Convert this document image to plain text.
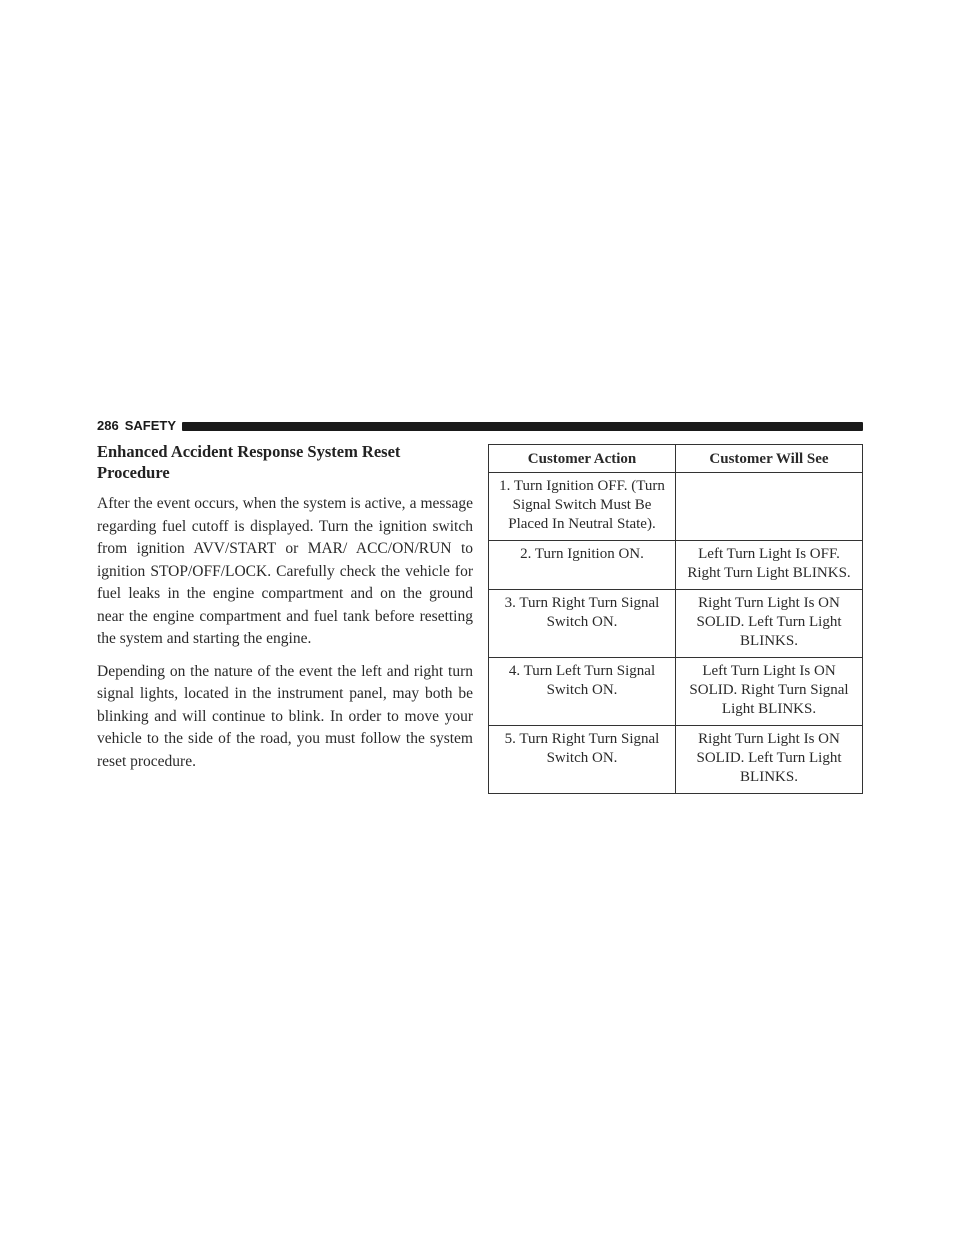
286 SAFETY
Enhanced Accident Response System Reset Procedure

After the event occurs, when the system is active, a message regarding fuel cutoff is displayed. Turn the ignition switch from ignition AVV/START or MAR/ ACC/ON/RUN to ignition STOP/OFF/LOCK. Carefully check the vehicle for fuel leaks in the engine compartment and on the ground near the engine compartment and fuel tank before resetting the system and starting the engine.

Depending on the nature of the event the left and right turn signal lights, located in the instrument panel, may both be blinking and will continue to blink. In order to move your vehicle to the side of the road, you must follow the system reset procedure.

Customer Action	Customer Will See
1. Turn Ignition OFF. (Turn Signal Switch Must Be Placed In Neutral State).	
2. Turn Ignition ON.	Left Turn Light Is OFF. Right Turn Light BLINKS.
3. Turn Right Turn Signal Switch ON.	Right Turn Light Is ON SOLID. Left Turn Light BLINKS.
4. Turn Left Turn Signal Switch ON.	Left Turn Light Is ON SOLID. Right Turn Signal Light BLINKS.
5. Turn Right Turn Signal Switch ON.	Right Turn Light Is ON SOLID. Left Turn Light BLINKS.
